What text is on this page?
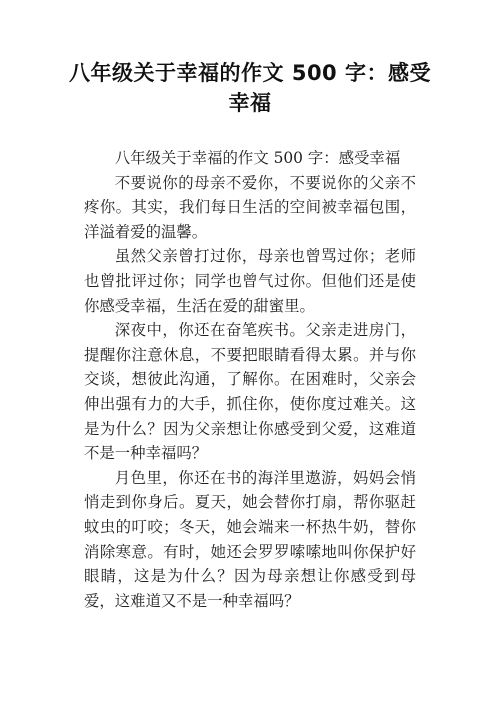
八年级关于幸福的作文 500 字：感受幸福

八年级关于幸福的作文 500 字：感受幸福

不要说你的母亲不爱你，不要说你的父亲不疼你。其实，我们每日生活的空间被幸福包围，洋溢着爱的温馨。

虽然父亲曾打过你，母亲也曾骂过你；老师也曾批评过你；同学也曾气过你。但他们还是使你感受幸福，生活在爱的甜蜜里。

深夜中，你还在奋笔疾书。父亲走进房门，提醒你注意休息，不要把眼睛看得太累。并与你交谈，想彼此沟通，了解你。在困难时，父亲会伸出强有力的大手，抓住你，使你度过难关。这是为什么？因为父亲想让你感受到父爱，这难道不是一种幸福吗？

月色里，你还在书的海洋里遨游，妈妈会悄悄走到你身后。夏天，她会替你打扇，帮你驱赶蚊虫的叮咬；冬天，她会端来一杯热牛奶，替你消除寒意。有时，她还会罗罗嗦嗦地叫你保护好眼睛，这是为什么？因为母亲想让你感受到母爱，这难道又不是一种幸福吗？
